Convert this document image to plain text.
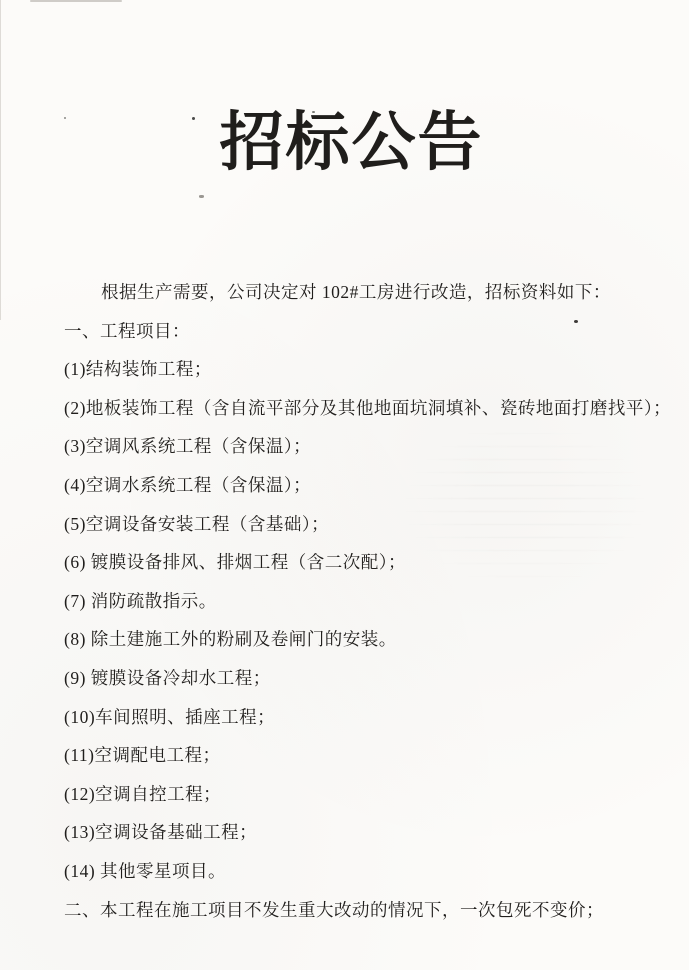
招标公告

根据生产需要，公司决定对 102#工房进行改造，招标资料如下：

一、工程项目：

(1)结构装饰工程；

(2)地板装饰工程（含自流平部分及其他地面坑洞填补、瓷砖地面打磨找平）；

(3)空调风系统工程（含保温）；

(4)空调水系统工程（含保温）；

(5)空调设备安装工程（含基础）；

(6) 镀膜设备排风、排烟工程（含二次配）；

(7) 消防疏散指示。

(8) 除土建施工外的粉刷及卷闸门的安装。

(9) 镀膜设备冷却水工程；

(10)车间照明、插座工程；

(11)空调配电工程；

(12)空调自控工程；

(13)空调设备基础工程；

(14) 其他零星项目。

二、本工程在施工项目不发生重大改动的情况下，一次包死不变价；
